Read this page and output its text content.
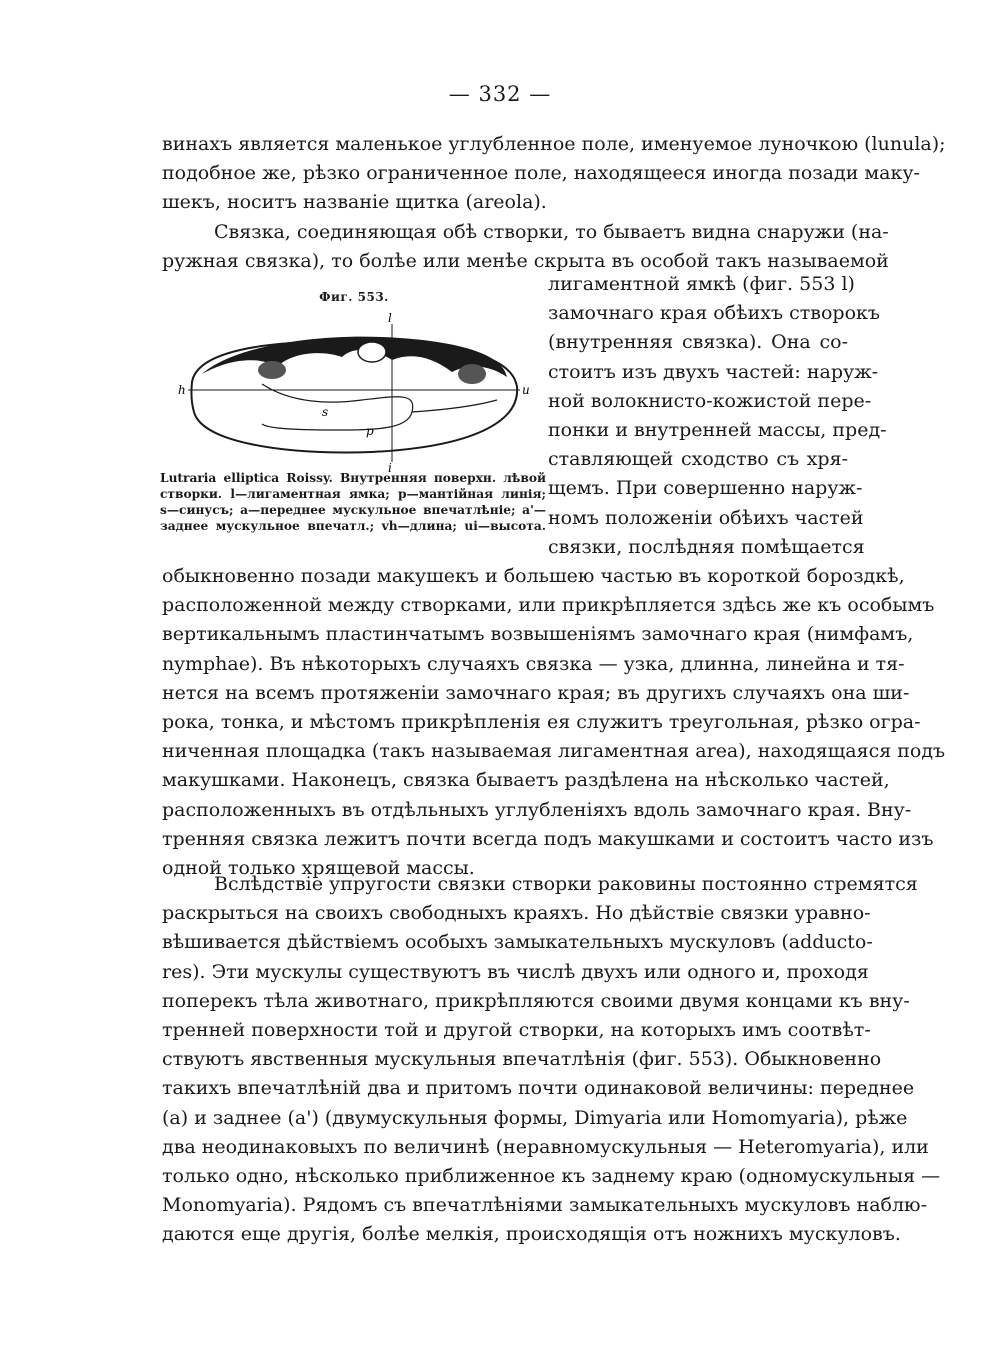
— 332 —
винахъ является маленькое углубленное поле, именуемое луночкою (lunula);
подобное же, рѣзко ограниченное поле, находящееся иногда позади маку-
шекъ, носитъ названіе щитка (areola).
Связка, соединяющая обѣ створки, то бываетъ видна снаружи (на-
ружная связка), то болѣе или менѣе скрыта въ особой такъ называемой
Фиг. 553.
h	u
l
s
p
i
Lutraria elliptica Roissy. Внутренняя поверхн. лѣвой
створки. l—лигаментная ямка; p—мантійная линія;
s—синусъ; a—переднее мускульное впечатлѣніе; a'—
заднее мускульное впечатл.; vh—длина; ui—высота.
лигаментной ямкѣ (фиг. 553 l)
замочнаго края обѣихъ створокъ
(внутренняя связка). Она со-
стоитъ изъ двухъ частей: наруж-
ной волокнисто-кожистой пере-
понки и внутренней массы, пред-
ставляющей сходство съ хря-
щемъ. При совершенно наруж-
номъ положеніи обѣихъ частей
связки, послѣдняя помѣщается
обыкновенно позади макушекъ и большею частью въ короткой бороздкѣ,
расположенной между створками, или прикрѣпляется здѣсь же къ особымъ
вертикальнымъ пластинчатымъ возвышеніямъ замочнаго края (нимфамъ,
nymphae). Въ нѣкоторыхъ случаяхъ связка — узка, длинна, линейна и тя-
нется на всемъ протяженіи замочнаго края; въ другихъ случаяхъ она ши-
рока, тонка, и мѣстомъ прикрѣпленія ея служитъ треугольная, рѣзко огра-
ниченная площадка (такъ называемая лигаментная area), находящаяся подъ
макушками. Наконецъ, связка бываетъ раздѣлена на нѣсколько частей,
расположенныхъ въ отдѣльныхъ углубленіяхъ вдоль замочнаго края. Вну-
тренняя связка лежитъ почти всегда подъ макушками и состоитъ часто изъ
одной только хрящевой массы.
Вслѣдствіе упругости связки створки раковины постоянно стремятся
раскрыться на своихъ свободныхъ краяхъ. Но дѣйствіе связки уравно-
вѣшивается дѣйствіемъ особыхъ замыкательныхъ мускуловъ (adducto-
res). Эти мускулы существуютъ въ числѣ двухъ или одного и, проходя
поперекъ тѣла животнаго, прикрѣпляются своими двумя концами къ вну-
тренней поверхности той и другой створки, на которыхъ имъ соотвѣт-
ствуютъ явственныя мускульныя впечатлѣнія (фиг. 553). Обыкновенно
такихъ впечатлѣній два и притомъ почти одинаковой величины: переднее
(a) и заднее (a') (двумускульныя формы, Dimyaria или Homomyaria), рѣже
два неодинаковыхъ по величинѣ (неравномускульныя — Heteromyaria), или
только одно, нѣсколько приближенное къ заднему краю (одномускульныя —
Monomyaria). Рядомъ съ впечатлѣніями замыкательныхъ мускуловъ наблю-
даются еще другія, болѣе мелкія, происходящія отъ ножнихъ мускуловъ.
